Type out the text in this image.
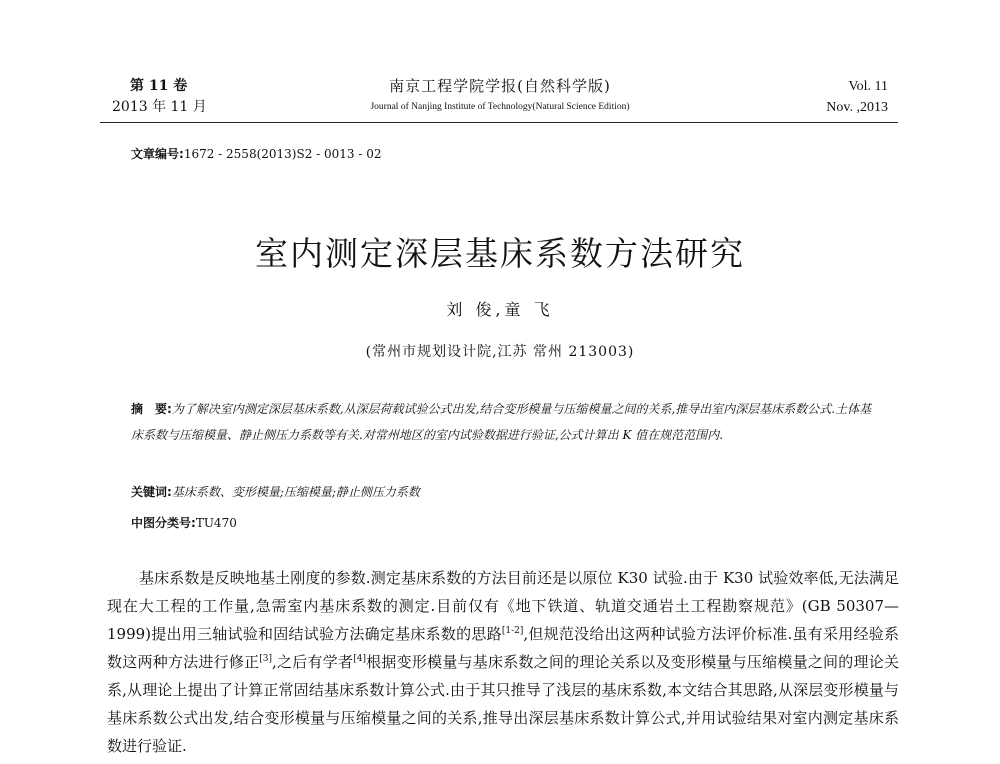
第 11 卷
2013 年 11 月
南京工程学院学报(自然科学版)
Journal of Nanjing Institute of Technology(Natural Science Edition)
Vol. 11
Nov. ,2013
文章编号:1672 - 2558(2013)S2 - 0013 - 02
室内测定深层基床系数方法研究
刘 俊,童 飞
(常州市规划设计院,江苏 常州 213003)
摘　要:为了解决室内测定深层基床系数,从深层荷载试验公式出发,结合变形模量与压缩模量之间的关系,推导出室内深层基床系数公式.土体基床系数与压缩模量、静止侧压力系数等有关.对常州地区的室内试验数据进行验证,公式计算出 K 值在规范范围内.
关键词:基床系数、变形模量;压缩模量;静止侧压力系数
中图分类号:TU470
基床系数是反映地基土刚度的参数.测定基床系数的方法目前还是以原位 K30 试验.由于 K30 试验效率低,无法满足现在大工程的工作量,急需室内基床系数的测定.目前仅有《地下铁道、轨道交通岩土工程勘察规范》(GB 50307—1999)提出用三轴试验和固结试验方法确定基床系数的思路[1-2],但规范没给出这两种试验方法评价标准.虽有采用经验系数这两种方法进行修正[3],之后有学者[4]根据变形模量与基床系数之间的理论关系以及变形模量与压缩模量之间的理论关系,从理论上提出了计算正常固结基床系数计算公式.由于其只推导了浅层的基床系数,本文结合其思路,从深层变形模量与基床系数公式出发,结合变形模量与压缩模量之间的关系,推导出深层基床系数计算公式,并用试验结果对室内测定基床系数进行验证.
